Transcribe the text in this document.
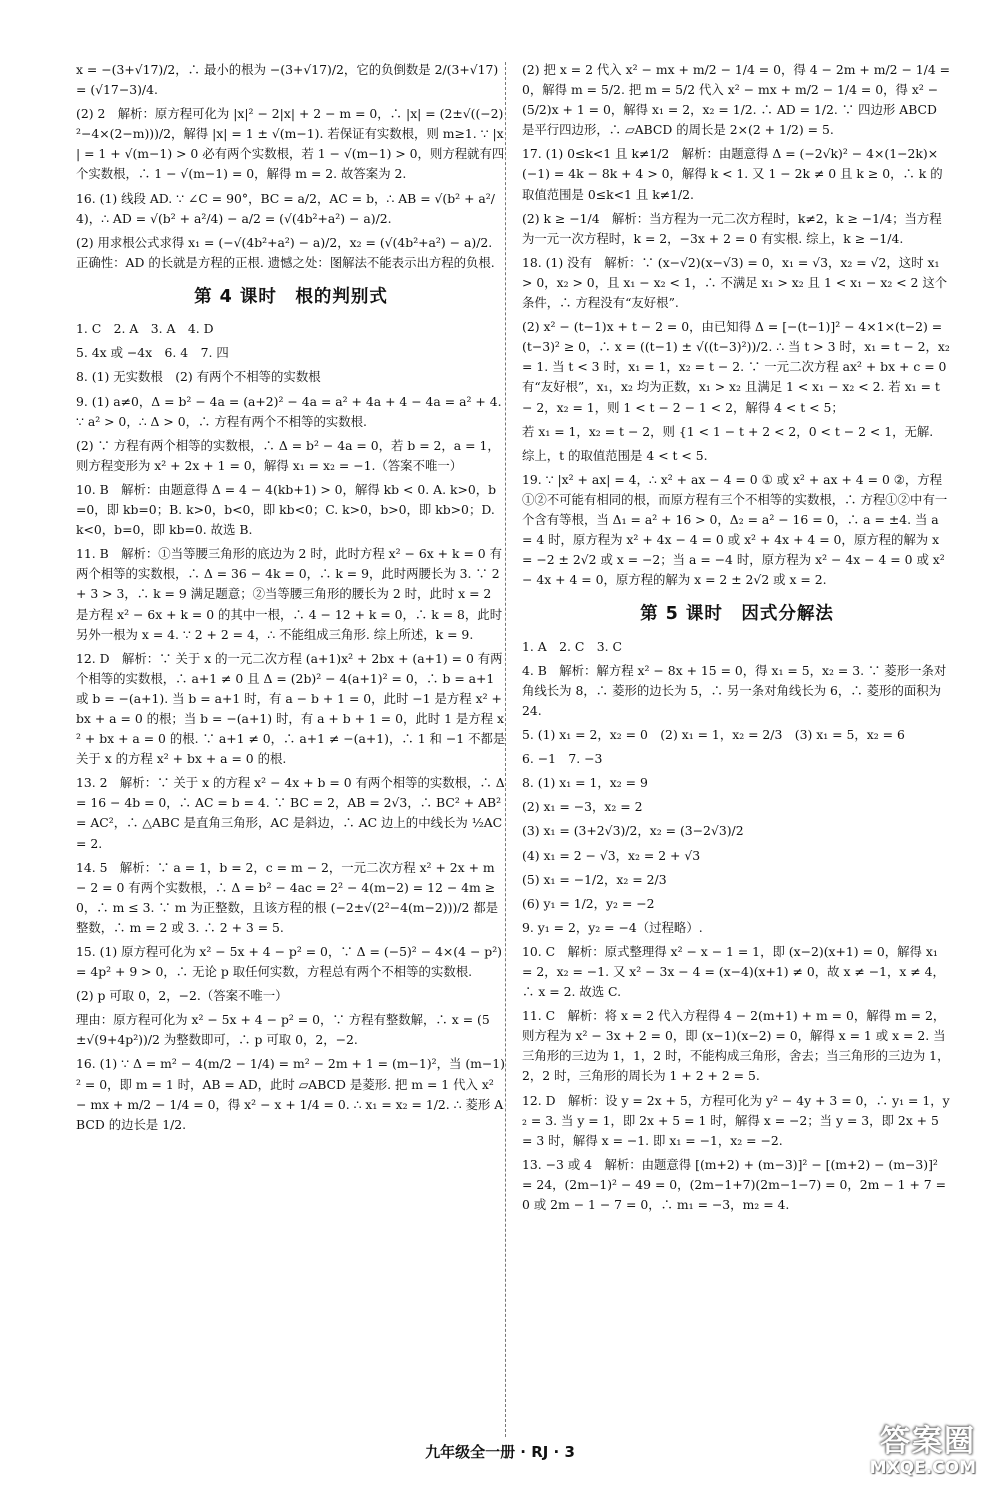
x = −(3+√17)/2，∴ 最小的根为 −(3+√17)/2，它的负倒数是 2/(3+√17) = (√17−3)/4.

(2) 2　解析：原方程可化为 |x|² − 2|x| + 2 − m = 0，∴ |x| = (2±√((−2)²−4×(2−m)))/2，解得 |x| = 1 ± √(m−1). 若保证有实数根，则 m≥1. ∵ |x| = 1 + √(m−1) > 0 必有两个实数根，若 1 − √(m−1) > 0，则方程就有四个实数根，∴ 1 − √(m−1) = 0，解得 m = 2. 故答案为 2.

16. (1) 线段 AD. ∵ ∠C = 90°，BC = a/2，AC = b，∴ AB = √(b² + a²/4)，∴ AD = √(b² + a²/4) − a/2 = (√(4b²+a²) − a)/2.

(2) 用求根公式求得 x₁ = (−√(4b²+a²) − a)/2，x₂ = (√(4b²+a²) − a)/2. 正确性：AD 的长就是方程的正根. 遗憾之处：图解法不能表示出方程的负根.

第 4 课时　根的判别式

1. C　2. A　3. A　4. D

5. 4x 或 −4x　6. 4　7. 四

8. (1) 无实数根　(2) 有两个不相等的实数根

9. (1) a≠0，Δ = b² − 4a = (a+2)² − 4a = a² + 4a + 4 − 4a = a² + 4. ∵ a² > 0，∴ Δ > 0，∴ 方程有两个不相等的实数根.

(2) ∵ 方程有两个相等的实数根，∴ Δ = b² − 4a = 0，若 b = 2，a = 1，则方程变形为 x² + 2x + 1 = 0，解得 x₁ = x₂ = −1.（答案不唯一）

10. B　解析：由题意得 Δ = 4 − 4(kb+1) > 0，解得 kb < 0. A. k>0，b=0，即 kb=0；B. k>0，b<0，即 kb<0；C. k>0，b>0，即 kb>0；D. k<0，b=0，即 kb=0. 故选 B.

11. B　解析：①当等腰三角形的底边为 2 时，此时方程 x² − 6x + k = 0 有两个相等的实数根，∴ Δ = 36 − 4k = 0，∴ k = 9，此时两腰长为 3. ∵ 2 + 3 > 3，∴ k = 9 满足题意；②当等腰三角形的腰长为 2 时，此时 x = 2 是方程 x² − 6x + k = 0 的其中一根，∴ 4 − 12 + k = 0，∴ k = 8，此时另外一根为 x = 4. ∵ 2 + 2 = 4，∴ 不能组成三角形. 综上所述，k = 9.

12. D　解析：∵ 关于 x 的一元二次方程 (a+1)x² + 2bx + (a+1) = 0 有两个相等的实数根，∴ a+1 ≠ 0 且 Δ = (2b)² − 4(a+1)² = 0，∴ b = a+1 或 b = −(a+1). 当 b = a+1 时，有 a − b + 1 = 0，此时 −1 是方程 x² + bx + a = 0 的根；当 b = −(a+1) 时，有 a + b + 1 = 0，此时 1 是方程 x² + bx + a = 0 的根. ∵ a+1 ≠ 0，∴ a+1 ≠ −(a+1)，∴ 1 和 −1 不都是关于 x 的方程 x² + bx + a = 0 的根.

13. 2　解析：∵ 关于 x 的方程 x² − 4x + b = 0 有两个相等的实数根，∴ Δ = 16 − 4b = 0，∴ AC = b = 4. ∵ BC = 2，AB = 2√3，∴ BC² + AB² = AC²，∴ △ABC 是直角三角形，AC 是斜边，∴ AC 边上的中线长为 ½AC = 2.

14. 5　解析：∵ a = 1，b = 2，c = m − 2，一元二次方程 x² + 2x + m − 2 = 0 有两个实数根，∴ Δ = b² − 4ac = 2² − 4(m−2) = 12 − 4m ≥ 0，∴ m ≤ 3. ∵ m 为正整数，且该方程的根 (−2±√(2²−4(m−2)))/2 都是整数，∴ m = 2 或 3. ∴ 2 + 3 = 5.

15. (1) 原方程可化为 x² − 5x + 4 − p² = 0，∵ Δ = (−5)² − 4×(4 − p²) = 4p² + 9 > 0，∴ 无论 p 取任何实数，方程总有两个不相等的实数根.

(2) p 可取 0，2，−2.（答案不唯一）

理由：原方程可化为 x² − 5x + 4 − p² = 0，∵ 方程有整数解，∴ x = (5±√(9+4p²))/2 为整数即可，∴ p 可取 0，2，−2.

16. (1) ∵ Δ = m² − 4(m/2 − 1/4) = m² − 2m + 1 = (m−1)²，当 (m−1)² = 0，即 m = 1 时，AB = AD，此时 ▱ABCD 是菱形. 把 m = 1 代入 x² − mx + m/2 − 1/4 = 0，得 x² − x + 1/4 = 0. ∴ x₁ = x₂ = 1/2. ∴ 菱形 ABCD 的边长是 1/2.

(2) 把 x = 2 代入 x² − mx + m/2 − 1/4 = 0，得 4 − 2m + m/2 − 1/4 = 0，解得 m = 5/2. 把 m = 5/2 代入 x² − mx + m/2 − 1/4 = 0，得 x² − (5/2)x + 1 = 0，解得 x₁ = 2，x₂ = 1/2. ∴ AD = 1/2. ∵ 四边形 ABCD 是平行四边形，∴ ▱ABCD 的周长是 2×(2 + 1/2) = 5.

17. (1) 0≤k<1 且 k≠1/2　解析：由题意得 Δ = (−2√k)² − 4×(1−2k)×(−1) = 4k − 8k + 4 > 0，解得 k < 1. 又 1 − 2k ≠ 0 且 k ≥ 0，∴ k 的取值范围是 0≤k<1 且 k≠1/2.

(2) k ≥ −1/4　解析：当方程为一元二次方程时，k≠2，k ≥ −1/4；当方程为一元一次方程时，k = 2，−3x + 2 = 0 有实根. 综上，k ≥ −1/4.

18. (1) 没有　解析：∵ (x−√2)(x−√3) = 0，x₁ = √3，x₂ = √2，这时 x₁ > 0，x₂ > 0，且 x₁ − x₂ < 1，∴ 不满足 x₁ > x₂ 且 1 < x₁ − x₂ < 2 这个条件，∴ 方程没有“友好根”.

(2) x² − (t−1)x + t − 2 = 0，由已知得 Δ = [−(t−1)]² − 4×1×(t−2) = (t−3)² ≥ 0，∴ x = ((t−1) ± √((t−3)²))/2. ∴ 当 t > 3 时，x₁ = t − 2，x₂ = 1. 当 t < 3 时，x₁ = 1，x₂ = t − 2. ∵ 一元二次方程 ax² + bx + c = 0 有“友好根”，x₁，x₂ 均为正数，x₁ > x₂ 且满足 1 < x₁ − x₂ < 2. 若 x₁ = t − 2，x₂ = 1，则 1 < t − 2 − 1 < 2，解得 4 < t < 5；

若 x₁ = 1，x₂ = t − 2，则 {1 < 1 − t + 2 < 2，0 < t − 2 < 1，无解.

综上，t 的取值范围是 4 < t < 5.

19. ∵ |x² + ax| = 4，∴ x² + ax − 4 = 0 ① 或 x² + ax + 4 = 0 ②，方程①②不可能有相同的根，而原方程有三个不相等的实数根，∴ 方程①②中有一个含有等根，当 Δ₁ = a² + 16 > 0，Δ₂ = a² − 16 = 0，∴ a = ±4. 当 a = 4 时，原方程为 x² + 4x − 4 = 0 或 x² + 4x + 4 = 0，原方程的解为 x = −2 ± 2√2 或 x = −2；当 a = −4 时，原方程为 x² − 4x − 4 = 0 或 x² − 4x + 4 = 0，原方程的解为 x = 2 ± 2√2 或 x = 2.

第 5 课时　因式分解法

1. A　2. C　3. C

4. B　解析：解方程 x² − 8x + 15 = 0，得 x₁ = 5，x₂ = 3. ∵ 菱形一条对角线长为 8，∴ 菱形的边长为 5，∴ 另一条对角线长为 6，∴ 菱形的面积为 24.

5. (1) x₁ = 2，x₂ = 0　(2) x₁ = 1，x₂ = 2/3　(3) x₁ = 5，x₂ = 6

6. −1　7. −3

8. (1) x₁ = 1，x₂ = 9

(2) x₁ = −3，x₂ = 2

(3) x₁ = (3+2√3)/2，x₂ = (3−2√3)/2

(4) x₁ = 2 − √3，x₂ = 2 + √3

(5) x₁ = −1/2，x₂ = 2/3

(6) y₁ = 1/2，y₂ = −2

9. y₁ = 2，y₂ = −4（过程略）.

10. C　解析：原式整理得 x² − x − 1 = 1，即 (x−2)(x+1) = 0，解得 x₁ = 2，x₂ = −1. 又 x² − 3x − 4 = (x−4)(x+1) ≠ 0，故 x ≠ −1，x ≠ 4，∴ x = 2. 故选 C.

11. C　解析：将 x = 2 代入方程得 4 − 2(m+1) + m = 0，解得 m = 2，则方程为 x² − 3x + 2 = 0，即 (x−1)(x−2) = 0，解得 x = 1 或 x = 2. 当三角形的三边为 1，1，2 时，不能构成三角形，舍去；当三角形的三边为 1，2，2 时，三角形的周长为 1 + 2 + 2 = 5.

12. D　解析：设 y = 2x + 5，方程可化为 y² − 4y + 3 = 0，∴ y₁ = 1，y₂ = 3. 当 y = 1，即 2x + 5 = 1 时，解得 x = −2；当 y = 3，即 2x + 5 = 3 时，解得 x = −1. 即 x₁ = −1，x₂ = −2.

13. −3 或 4　解析：由题意得 [(m+2) + (m−3)]² − [(m+2) − (m−3)]² = 24，(2m−1)² − 49 = 0，(2m−1+7)(2m−1−7) = 0，2m − 1 + 7 = 0 或 2m − 1 − 7 = 0，∴ m₁ = −3，m₂ = 4.

九年级全一册 · RJ · 3	答案圈
MXQE.COM
